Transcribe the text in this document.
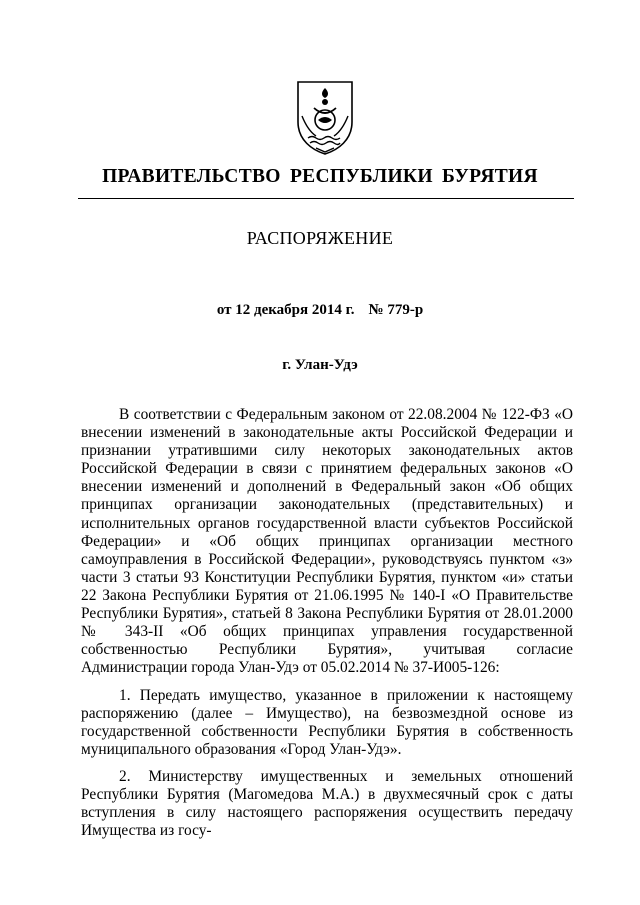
ПРАВИТЕЛЬСТВО РЕСПУБЛИКИ БУРЯТИЯ
РАСПОРЯЖЕНИЕ
от 12 декабря 2014 г. № 779-р
г. Улан-Удэ

В соответствии с Федеральным законом от 22.08.2004 № 122-ФЗ «О внесении изменений в законодательные акты Российской Федерации и признании утратившими силу некоторых законодательных актов Российской Федерации в связи с принятием федеральных законов «О внесении изменений и дополнений в Федеральный закон «Об общих принципах организации законодательных (представительных) и исполнительных органов государственной власти субъектов Российской Федерации» и «Об общих принципах организации местного самоуправления в Российской Федерации», руководствуясь пунктом «з» части 3 статьи 93 Конституции Республики Бурятия, пунктом «и» статьи 22 Закона Республики Бурятия от 21.06.1995 № 140-I «О Правительстве Республики Бурятия», статьей 8 Закона Республики Бурятия от 28.01.2000 № 343-II «Об общих принципах управления государственной собственностью Республики Бурятия», учитывая согласие Администрации города Улан-Удэ от 05.02.2014 № 37-И005-126:

1. Передать имущество, указанное в приложении к настоящему распоряжению (далее – Имущество), на безвозмездной основе из государственной собственности Республики Бурятия в собственность муниципального образования «Город Улан-Удэ».

2. Министерству имущественных и земельных отношений Республики Бурятия (Магомедова М.А.) в двухмесячный срок с даты вступления в силу настоящего распоряжения осуществить передачу Имущества из госу-
